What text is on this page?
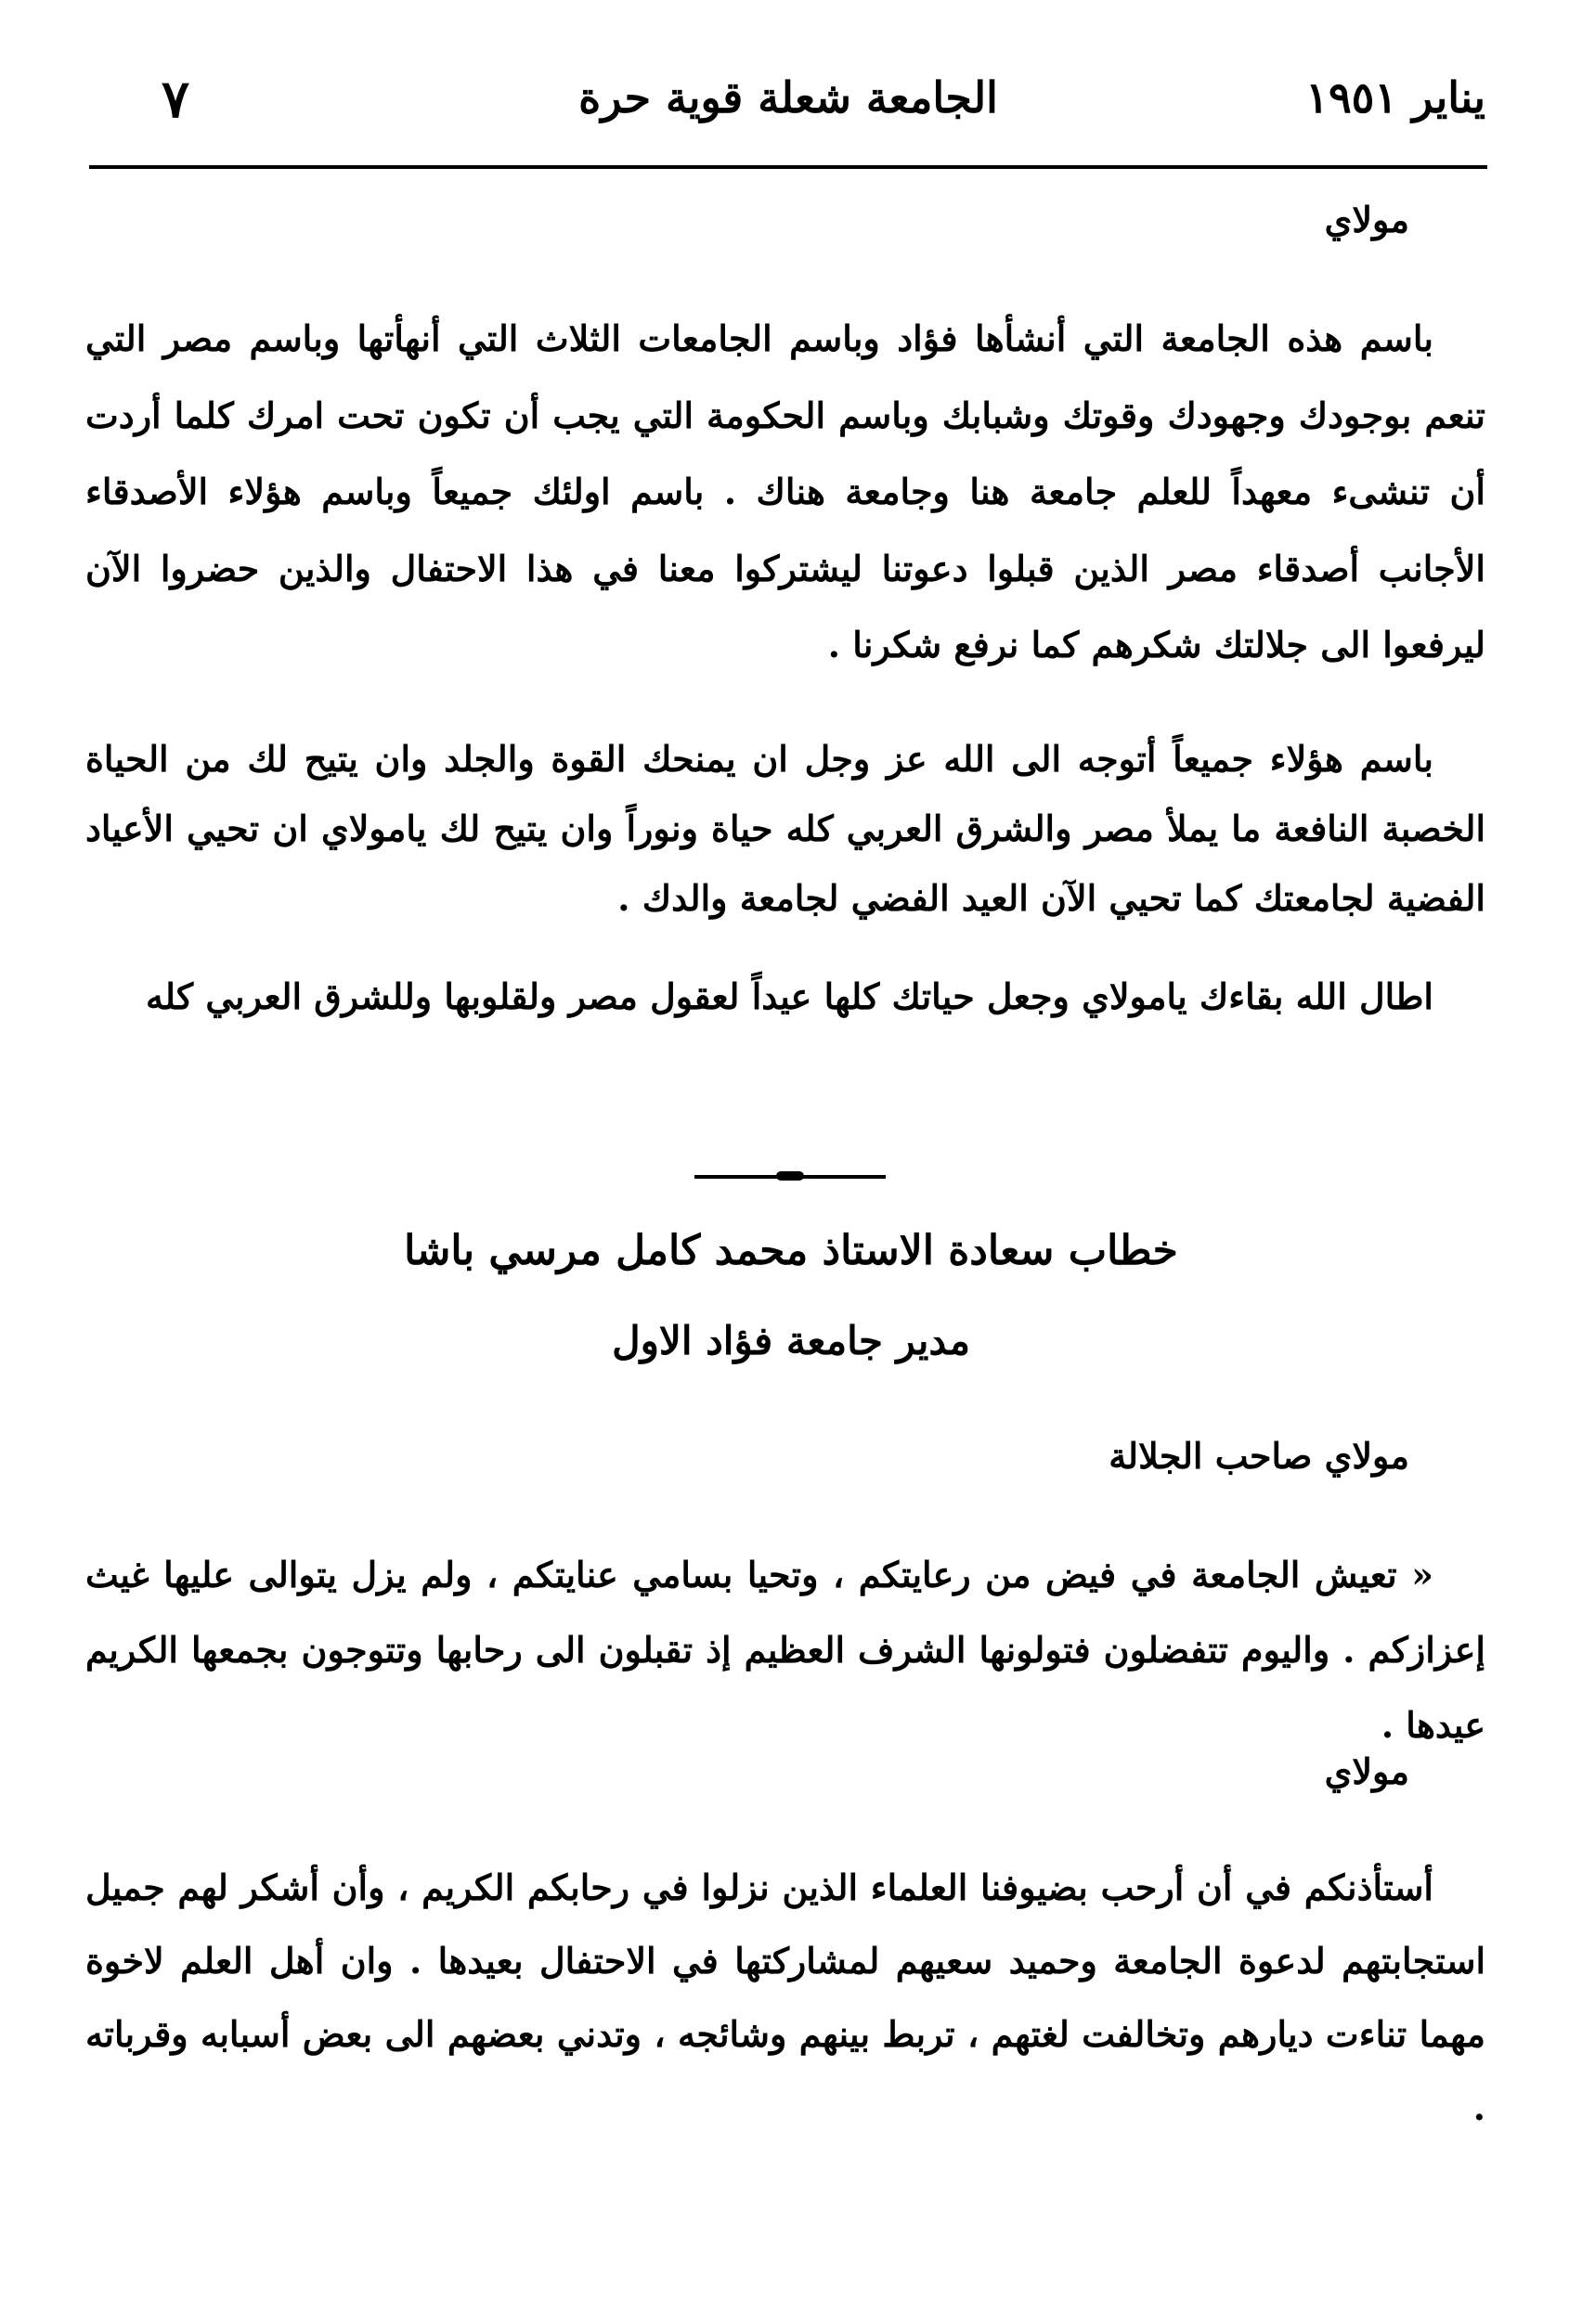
يناير ١٩٥١
الجامعة شعلة قوية حرة
٧
مولاي

باسم هذه الجامعة التي أنشأها فؤاد وباسم الجامعات الثلاث التي أنهأتها وباسم مصر التي تنعم بوجودك وجهودك وقوتك وشبابك وباسم الحكومة التي يجب أن تكون تحت امرك كلما أردت أن تنشىء معهداً للعلم جامعة هنا وجامعة هناك . باسم اولئك جميعاً وباسم هؤلاء الأصدقاء الأجانب أصدقاء مصر الذين قبلوا دعوتنا ليشتركوا معنا في هذا الاحتفال والذين حضروا الآن ليرفعوا الى جلالتك شكرهم كما نرفع شكرنا .

باسم هؤلاء جميعاً أتوجه الى الله عز وجل ان يمنحك القوة والجلد وان يتيح لك من الحياة الخصبة النافعة ما يملأ مصر والشرق العربي كله حياة ونوراً وان يتيح لك يامولاي ان تحيي الأعياد الفضية لجامعتك كما تحيي الآن العيد الفضي لجامعة والدك .

اطال الله بقاءك يامولاي وجعل حياتك كلها عيداً لعقول مصر ولقلوبها وللشرق العربي كله

خطاب سعادة الاستاذ محمد كامل مرسي باشا
مدير جامعة فؤاد الاول
مولاي صاحب الجلالة

« تعيش الجامعة في فيض من رعايتكم ، وتحيا بسامي عنايتكم ، ولم يزل يتوالى عليها غيث إعزازكم . واليوم تتفضلون فتولونها الشرف العظيم إذ تقبلون الى رحابها وتتوجون بجمعها الكريم عيدها .

مولاي

أستأذنكم في أن أرحب بضيوفنا العلماء الذين نزلوا في رحابكم الكريم ، وأن أشكر لهم جميل استجابتهم لدعوة الجامعة وحميد سعيهم لمشاركتها في الاحتفال بعيدها . وان أهل العلم لاخوة مهما تناءت ديارهم وتخالفت لغتهم ، تربط بينهم وشائجه ، وتدني بعضهم الى بعض أسبابه وقرباته .
